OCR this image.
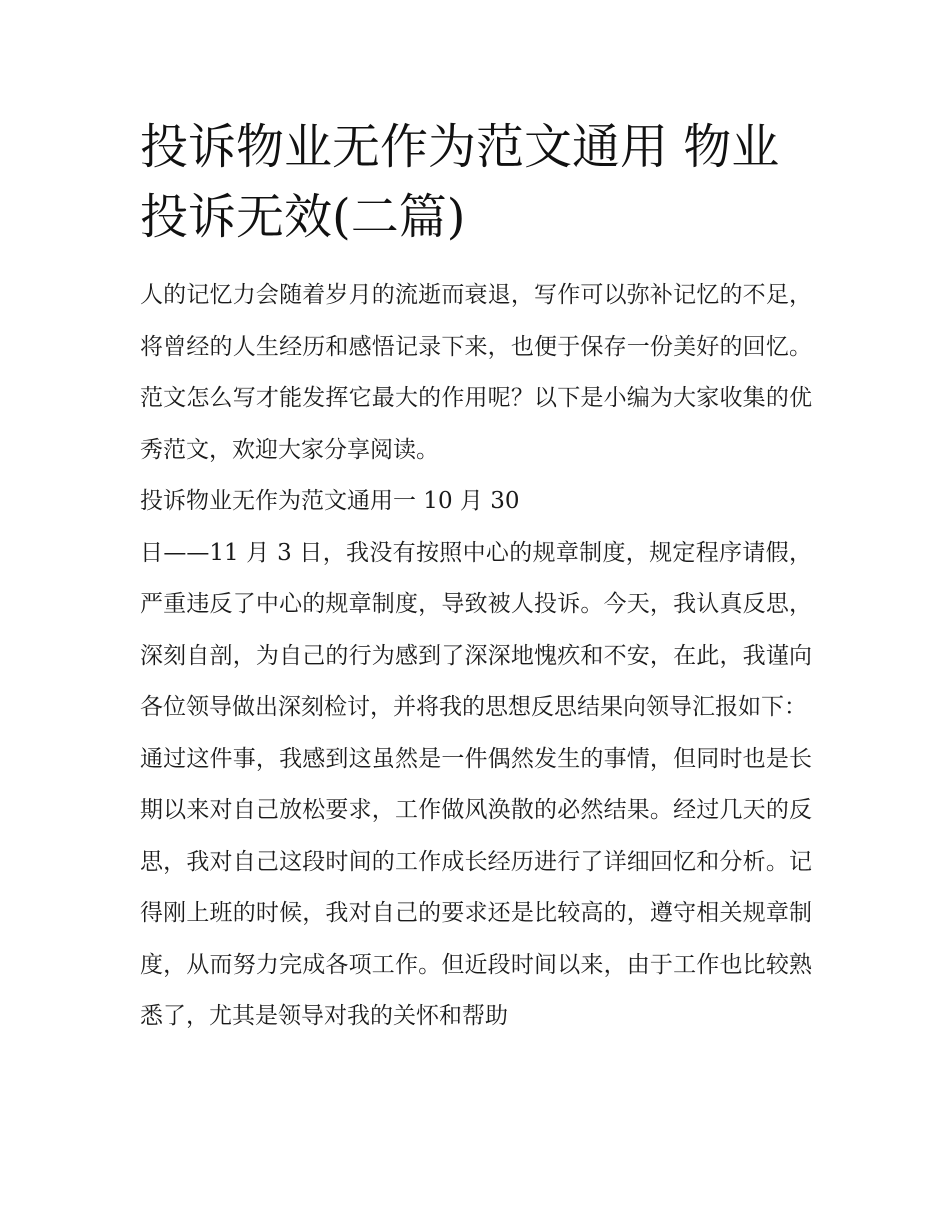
投诉物业无作为范文通用 物业投诉无效(二篇)

人的记忆力会随着岁月的流逝而衰退，写作可以弥补记忆的不足，将曾经的人生经历和感悟记录下来，也便于保存一份美好的回忆。范文怎么写才能发挥它最大的作用呢？以下是小编为大家收集的优秀范文，欢迎大家分享阅读。

投诉物业无作为范文通用一 10 月 30

日——11 月 3 日，我没有按照中心的规章制度，规定程序请假，严重违反了中心的规章制度，导致被人投诉。今天，我认真反思，深刻自剖，为自己的行为感到了深深地愧疚和不安，在此，我谨向各位领导做出深刻检讨，并将我的思想反思结果向领导汇报如下：

通过这件事，我感到这虽然是一件偶然发生的事情，但同时也是长期以来对自己放松要求，工作做风涣散的必然结果。经过几天的反思，我对自己这段时间的工作成长经历进行了详细回忆和分析。记得刚上班的时候，我对自己的要求还是比较高的，遵守相关规章制度，从而努力完成各项工作。但近段时间以来，由于工作也比较熟悉了，尤其是领导对我的关怀和帮助
